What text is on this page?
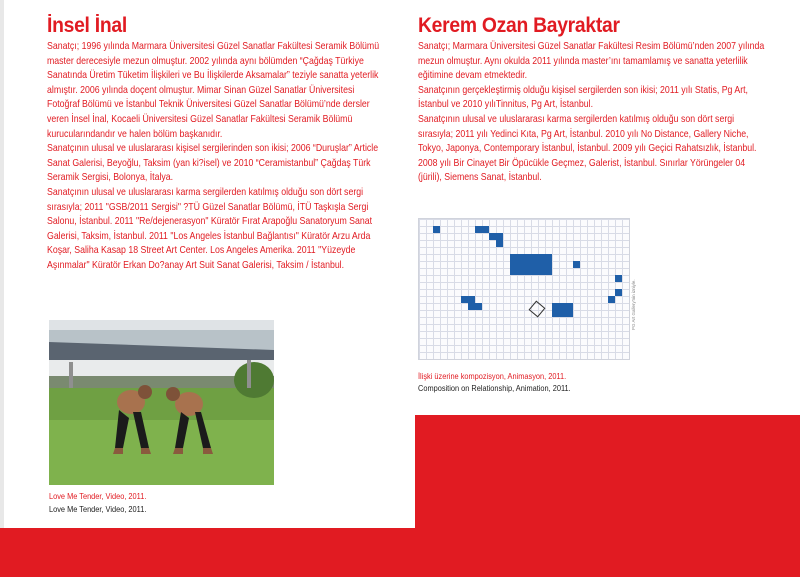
İnsel İnal

Sanatçı; 1996 yılında Marmara Üniversitesi Güzel Sanatlar Fakültesi Seramik Bölümü master derecesiyle mezun olmuştur. 2002 yılında aynı bölümden “Çağdaş Türkiye Sanatında Üretim Tüketim İlişkileri ve Bu İlişkilerde Aksamalar” teziyle sanatta yeterlik almıştır. 2006 yılında doçent olmuştur. Mimar Sinan Güzel Sanatlar Üniversitesi Fotoğraf Bölümü ve İstanbul Teknik Üniversitesi Güzel Sanatlar Bölümü’nde dersler veren İnsel İnal, Kocaeli Üniversitesi Güzel Sanatlar Fakültesi Seramik Bölümü kurucularındandır ve halen bölüm başkanıdır.

Sanatçının ulusal ve uluslararası kişisel sergilerinden son ikisi; 2006 “Duruşlar” Article Sanat Galerisi, Beyoğlu, Taksim (yan ki?isel) ve 2010 “Ceramistanbul” Çağdaş Türk Seramik Sergisi, Bolonya, İtalya.

Sanatçının ulusal ve uluslararası karma sergilerden katılmış olduğu son dört sergi sırasıyla; 2011 "GSB/2011 Sergisi" ?TÜ Güzel Sanatlar Bölümü, İTÜ Taşkışla Sergi Salonu, İstanbul. 2011 "Re/dejenerasyon" Küratör Fırat Arapoğlu Sanatoryum Sanat Galerisi, Taksim, İstanbul. 2011 "Los Angeles İstanbul Bağlantısı" Küratör Arzu Arda Koşar, Saliha Kasap 18 Street Art Center. Los Angeles Amerika. 2011 "Yüzeyde Aşınmalar" Küratör Erkan Do?anay Art Suit Sanat Galerisi, Taksim / İstanbul.

Love Me Tender, Video, 2011.
Love Me Tender, Video, 2011.
Kerem Ozan Bayraktar

Sanatçı; Marmara Üniversitesi Güzel Sanatlar Fakültesi Resim Bölümü’nden 2007 yılında mezun olmuştur. Aynı okulda 2011 yılında master’ını tamamlamış ve sanatta yeterlilik eğitimine devam etmektedir.

Sanatçının gerçekleştirmiş olduğu kişisel sergilerden son ikisi; 2011 yılı Statis, Pg Art, İstanbul ve 2010 yılıTinnitus, Pg Art, İstanbul.

Sanatçının ulusal ve uluslararası karma sergilerden katılmış olduğu son dört sergi sırasıyla; 2011 yılı Yedinci Kıta, Pg Art, İstanbul. 2010 yılı No Distance, Gallery Niche, Tokyo, Japonya, Contemporary İstanbul, İstanbul. 2009 yılı Geçici Rahatsızlık, İstanbul. 2008 yılı Bir Cinayet Bir Öpücükle Geçmez, Galerist, İstanbul. Sınırlar Yörüngeler 04 (jürili), Siemens Sanat, İstanbul.

PG Art Gallery'nin izniyle.
İlişki üzerine kompozisyon, Animasyon, 2011.
Composition on Relationship, Animation, 2011.
